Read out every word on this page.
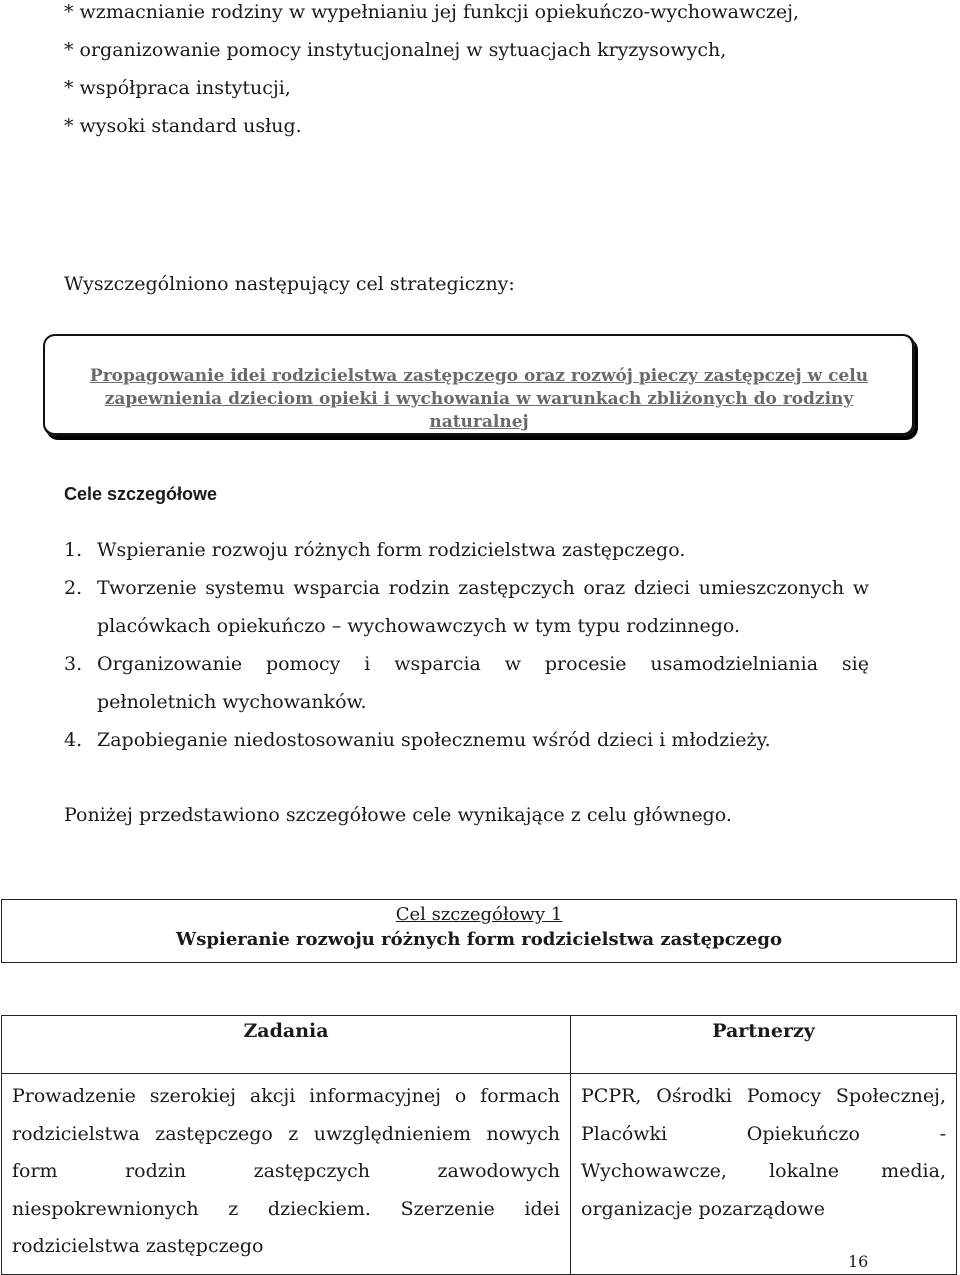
* wzmacnianie rodziny w wypełnianiu jej funkcji opiekuńczo-wychowawczej,
* organizowanie pomocy instytucjonalnej w sytuacjach kryzysowych,
* współpraca instytucji,
* wysoki standard usług.
Wyszczególniono następujący cel strategiczny:
Propagowanie idei rodzicielstwa zastępczego oraz rozwój pieczy zastępczej w celu
zapewnienia dzieciom opieki i wychowania w warunkach zbliżonych do rodziny
naturalnej
Cele szczegółowe
1. Wspieranie rozwoju różnych form rodzicielstwa zastępczego.
2. Tworzenie systemu wsparcia rodzin zastępczych oraz dzieci umieszczonych w placówkach opiekuńczo – wychowawczych w tym typu rodzinnego.
3. Organizowanie pomocy i wsparcia w procesie usamodzielniania się pełnoletnich wychowanków.
4. Zapobieganie niedostosowaniu społecznemu wśród dzieci i młodzieży.
Poniżej przedstawiono szczegółowe cele wynikające z celu głównego.
Cel szczegółowy 1
Wspieranie rozwoju różnych form rodzicielstwa zastępczego
Zadania	Partnerzy
Prowadzenie szerokiej akcji informacyjnej o formach rodzicielstwa zastępczego z uwzględnieniem nowych form rodzin zastępczych zawodowych niespokrewnionych z dzieckiem. Szerzenie idei rodzicielstwa zastępczego	PCPR, Ośrodki Pomocy Społecznej, Placówki Opiekuńczo - Wychowawcze, lokalne media, organizacje pozarządowe
16
